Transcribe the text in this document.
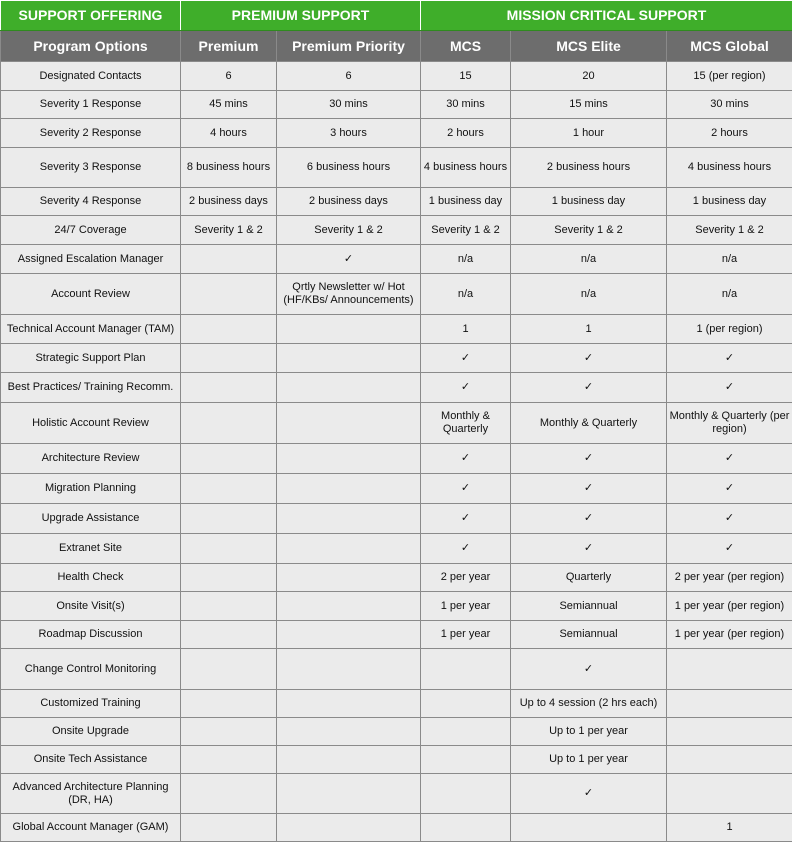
SUPPORT OFFERING	PREMIUM SUPPORT		MISSION CRITICAL SUPPORT		
Program Options	Premium	Premium Priority	MCS	MCS Elite	MCS Global
Designated Contacts	6	6	15	20	15 (per region)
Severity 1 Response	45 mins	30 mins	30 mins	15 mins	30 mins
Severity 2 Response	4 hours	3 hours	2 hours	1 hour	2 hours
Severity 3 Response	8 business hours	6 business hours	4 business hours	2 business hours	4 business hours
Severity 4 Response	2 business days	2 business days	1 business day	1 business day	1 business day
24/7 Coverage	Severity 1 & 2	Severity 1 & 2	Severity 1 & 2	Severity 1 & 2	Severity 1 & 2
Assigned Escalation Manager		✓	n/a	n/a	n/a
Account Review		Qrtly Newsletter w/ Hot (HF/KBs/ Announcements)	n/a	n/a	n/a
Technical Account Manager (TAM)			1	1	1 (per region)
Strategic Support Plan			✓	✓	✓
Best Practices/ Training Recomm.			✓	✓	✓
Holistic Account Review			Monthly & Quarterly	Monthly & Quarterly	Monthly & Quarterly (per region)
Architecture Review			✓	✓	✓
Migration Planning			✓	✓	✓
Upgrade Assistance			✓	✓	✓
Extranet Site			✓	✓	✓
Health Check			2 per year	Quarterly	2 per year (per region)
Onsite Visit(s)			1 per year	Semiannual	1 per year (per region)
Roadmap Discussion			1 per year	Semiannual	1 per year (per region)
Change Control Monitoring				✓	
Customized Training				Up to 4 session (2 hrs each)	
Onsite Upgrade				Up to 1 per year	
Onsite Tech Assistance				Up to 1 per year	
Advanced Architecture Planning (DR, HA)				✓	
Global Account Manager (GAM)					1
